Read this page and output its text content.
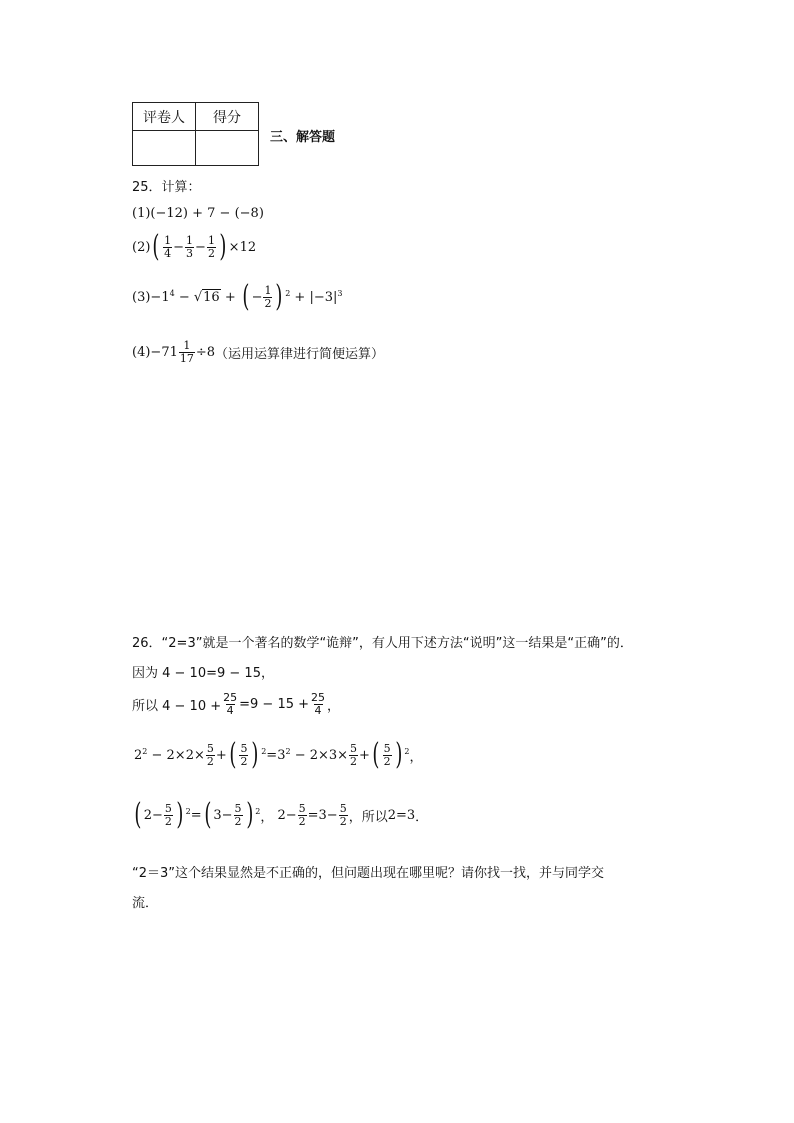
评卷人	得分

三、解答题
25．计算：
(1)(−12) + 7 − (−8)
(2) ( $\frac{1}{4} - \frac{1}{3} - \frac{1}{2}$ ) ×12
$(3) -1^4$ − √ 16 + ( − $\frac{1}{2}$ ) $^2 + |-3|^3$
$(4) -71 \frac{1}{17} \div 8$ （运用运算律进行简便运算）
26．“2=3”就是一个著名的数学“诡辩”，有人用下述方法“说明”这一结果是“正确”的．
因为 4 − 10=9 − 15，
所以 $4 - 10 + \frac{25}{4} =9 - 15 + \frac{25}{4}$ ，
$2^2 - 2\times 2\times \frac{5}{2}$ + ( $\frac{5}{2}$ ) $^2 =3^2 - 2\times 3\times \frac{5}{2}$ + ( $\frac{5}{2}$ ) $^2$ ，
( $2- \frac{5}{2}$ ) $^2$ = ( $3- \frac{5}{2}$ ) $^2$ ， $2- \frac{5}{2} =3- \frac{5}{2}$ ，所以 2=3 ．
“2＝3”这个结果显然是不正确的，但问题出现在哪里呢？请你找一找，并与同学交
流．
